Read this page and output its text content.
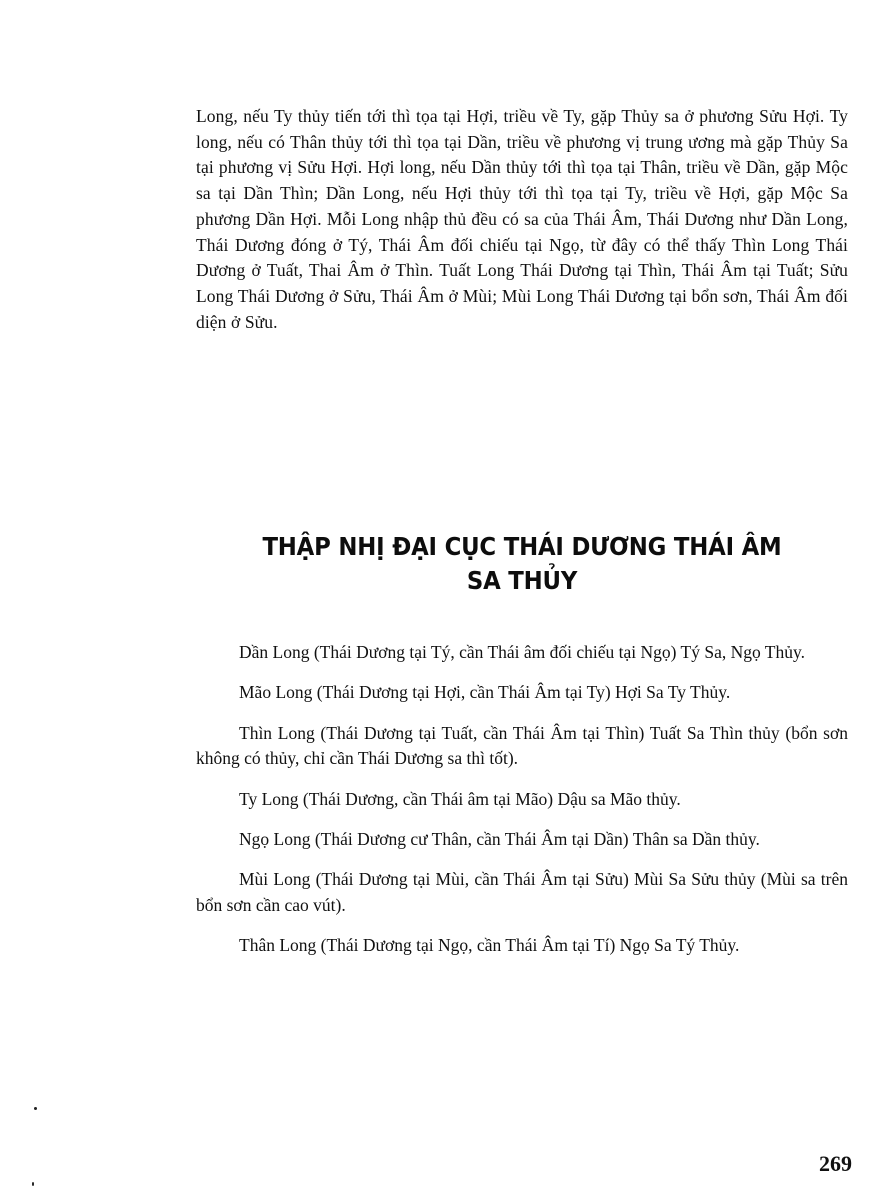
Long, nếu Ty thủy tiến tới thì tọa tại Hợi, triều về Ty, gặp Thủy sa ở phương Sửu Hợi. Ty long, nếu có Thân thủy tới thì tọa tại Dần, triều về phương vị trung ương mà gặp Thủy Sa tại phương vị Sửu Hợi. Hợi long, nếu Dần thủy tới thì tọa tại Thân, triều về Dần, gặp Mộc sa tại Dần Thìn; Dần Long, nếu Hợi thủy tới thì tọa tại Ty, triều về Hợi, gặp Mộc Sa phương Dần Hợi. Mỗi Long nhập thủ đều có sa của Thái Âm, Thái Dương như Dần Long, Thái Dương đóng ở Tý, Thái Âm đối chiếu tại Ngọ, từ đây có thể thấy Thìn Long Thái Dương ở Tuất, Thai Âm ở Thìn. Tuất Long Thái Dương tại Thìn, Thái Âm tại Tuất; Sửu Long Thái Dương ở Sửu, Thái Âm ở Mùi; Mùi Long Thái Dương tại bổn sơn, Thái Âm đối diện ở Sửu.

THẬP NHỊ ĐẠI CỤC THÁI DƯƠNG THÁI ÂM
SA THỦY

Dần Long (Thái Dương tại Tý, cần Thái âm đối chiếu tại Ngọ) Tý Sa, Ngọ Thủy.

Mão Long (Thái Dương tại Hợi, cần Thái Âm tại Ty) Hợi Sa Ty Thủy.

Thìn Long (Thái Dương tại Tuất, cần Thái Âm tại Thìn) Tuất Sa Thìn thủy (bổn sơn không có thủy, chỉ cần Thái Dương sa thì tốt).

Ty Long (Thái Dương, cần Thái âm tại Mão) Dậu sa Mão thủy.

Ngọ Long (Thái Dương cư Thân, cần Thái Âm tại Dần) Thân sa Dần thủy.

Mùi Long (Thái Dương tại Mùi, cần Thái Âm tại Sửu) Mùi Sa Sửu thủy (Mùi sa trên bổn sơn cần cao vút).

Thân Long (Thái Dương tại Ngọ, cần Thái Âm tại Tí) Ngọ Sa Tý Thủy.

269
